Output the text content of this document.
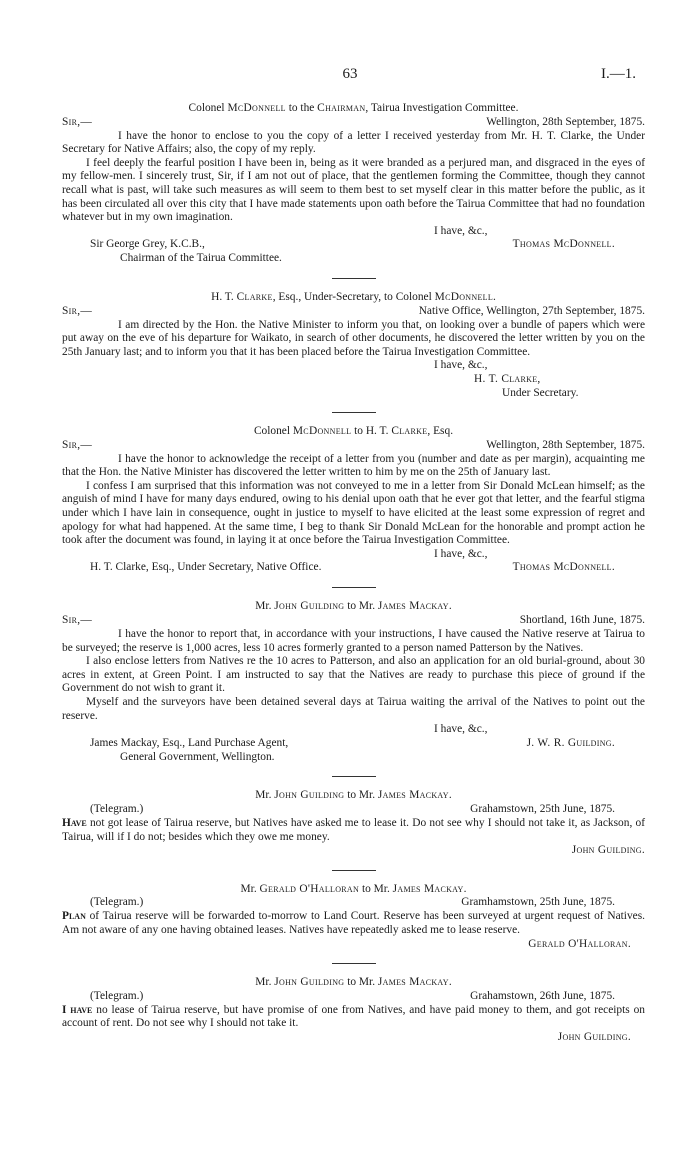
63	I.—1.

Colonel McDonnell to the Chairman, Tairua Investigation Committee.

Sir,—	Wellington, 28th September, 1875.

I have the honor to enclose to you the copy of a letter I received yesterday from Mr. H. T. Clarke, the Under Secretary for Native Affairs; also, the copy of my reply.

I feel deeply the fearful position I have been in, being as it were branded as a perjured man, and disgraced in the eyes of my fellow-men. I sincerely trust, Sir, if I am not out of place, that the gentlemen forming the Committee, though they cannot recall what is past, will take such measures as will seem to them best to set myself clear in this matter before the public, as it has been circulated all over this city that I have made statements upon oath before the Tairua Committee that had no foundation whatever but in my own imagination.

I have, &c.,
Sir George Grey, K.C.B.,	Thomas McDonnell.
Chairman of the Tairua Committee.

H. T. Clarke, Esq., Under-Secretary, to Colonel McDonnell.

Sir,—	Native Office, Wellington, 27th September, 1875.

I am directed by the Hon. the Native Minister to inform you that, on looking over a bundle of papers which were put away on the eve of his departure for Waikato, in search of other documents, he discovered the letter written by you on the 25th January last; and to inform you that it has been placed before the Tairua Investigation Committee.

I have, &c.,
H. T. Clarke,
Under Secretary.

Colonel McDonnell to H. T. Clarke, Esq.

Sir,—	Wellington, 28th September, 1875.

I have the honor to acknowledge the receipt of a letter from you (number and date as per margin), acquainting me that the Hon. the Native Minister has discovered the letter written to him by me on the 25th of January last.

I confess I am surprised that this information was not conveyed to me in a letter from Sir Donald McLean himself; as the anguish of mind I have for many days endured, owing to his denial upon oath that he ever got that letter, and the fearful stigma under which I have lain in consequence, ought in justice to myself to have elicited at the least some expression of regret and apology for what had happened. At the same time, I beg to thank Sir Donald McLean for the honorable and prompt action he took after the document was found, in laying it at once before the Tairua Investigation Committee.

I have, &c.,
H. T. Clarke, Esq., Under Secretary, Native Office.	Thomas McDonnell.

Mr. John Guilding to Mr. James Mackay.

Sir,—	Shortland, 16th June, 1875.

I have the honor to report that, in accordance with your instructions, I have caused the Native reserve at Tairua to be surveyed; the reserve is 1,000 acres, less 10 acres formerly granted to a person named Patterson by the Natives.

I also enclose letters from Natives re the 10 acres to Patterson, and also an application for an old burial-ground, about 30 acres in extent, at Green Point. I am instructed to say that the Natives are ready to purchase this piece of ground if the Government do not wish to grant it.

Myself and the surveyors have been detained several days at Tairua waiting the arrival of the Natives to point out the reserve.

I have, &c.,
James Mackay, Esq., Land Purchase Agent,	J. W. R. Guilding.
General Government, Wellington.

Mr. John Guilding to Mr. James Mackay.

(Telegram.)	Grahamstown, 25th June, 1875.

Have not got lease of Tairua reserve, but Natives have asked me to lease it. Do not see why I should not take it, as Jackson, of Tairua, will if I do not; besides which they owe me money.

John Guilding.

Mr. Gerald O'Halloran to Mr. James Mackay.

(Telegram.)	Gramhamstown, 25th June, 1875.

Plan of Tairua reserve will be forwarded to-morrow to Land Court. Reserve has been surveyed at urgent request of Natives. Am not aware of any one having obtained leases. Natives have repeatedly asked me to lease reserve.

Gerald O'Halloran.

Mr. John Guilding to Mr. James Mackay.

(Telegram.)	Grahamstown, 26th June, 1875.

I have no lease of Tairua reserve, but have promise of one from Natives, and have paid money to them, and got receipts on account of rent. Do not see why I should not take it.

John Guilding.
